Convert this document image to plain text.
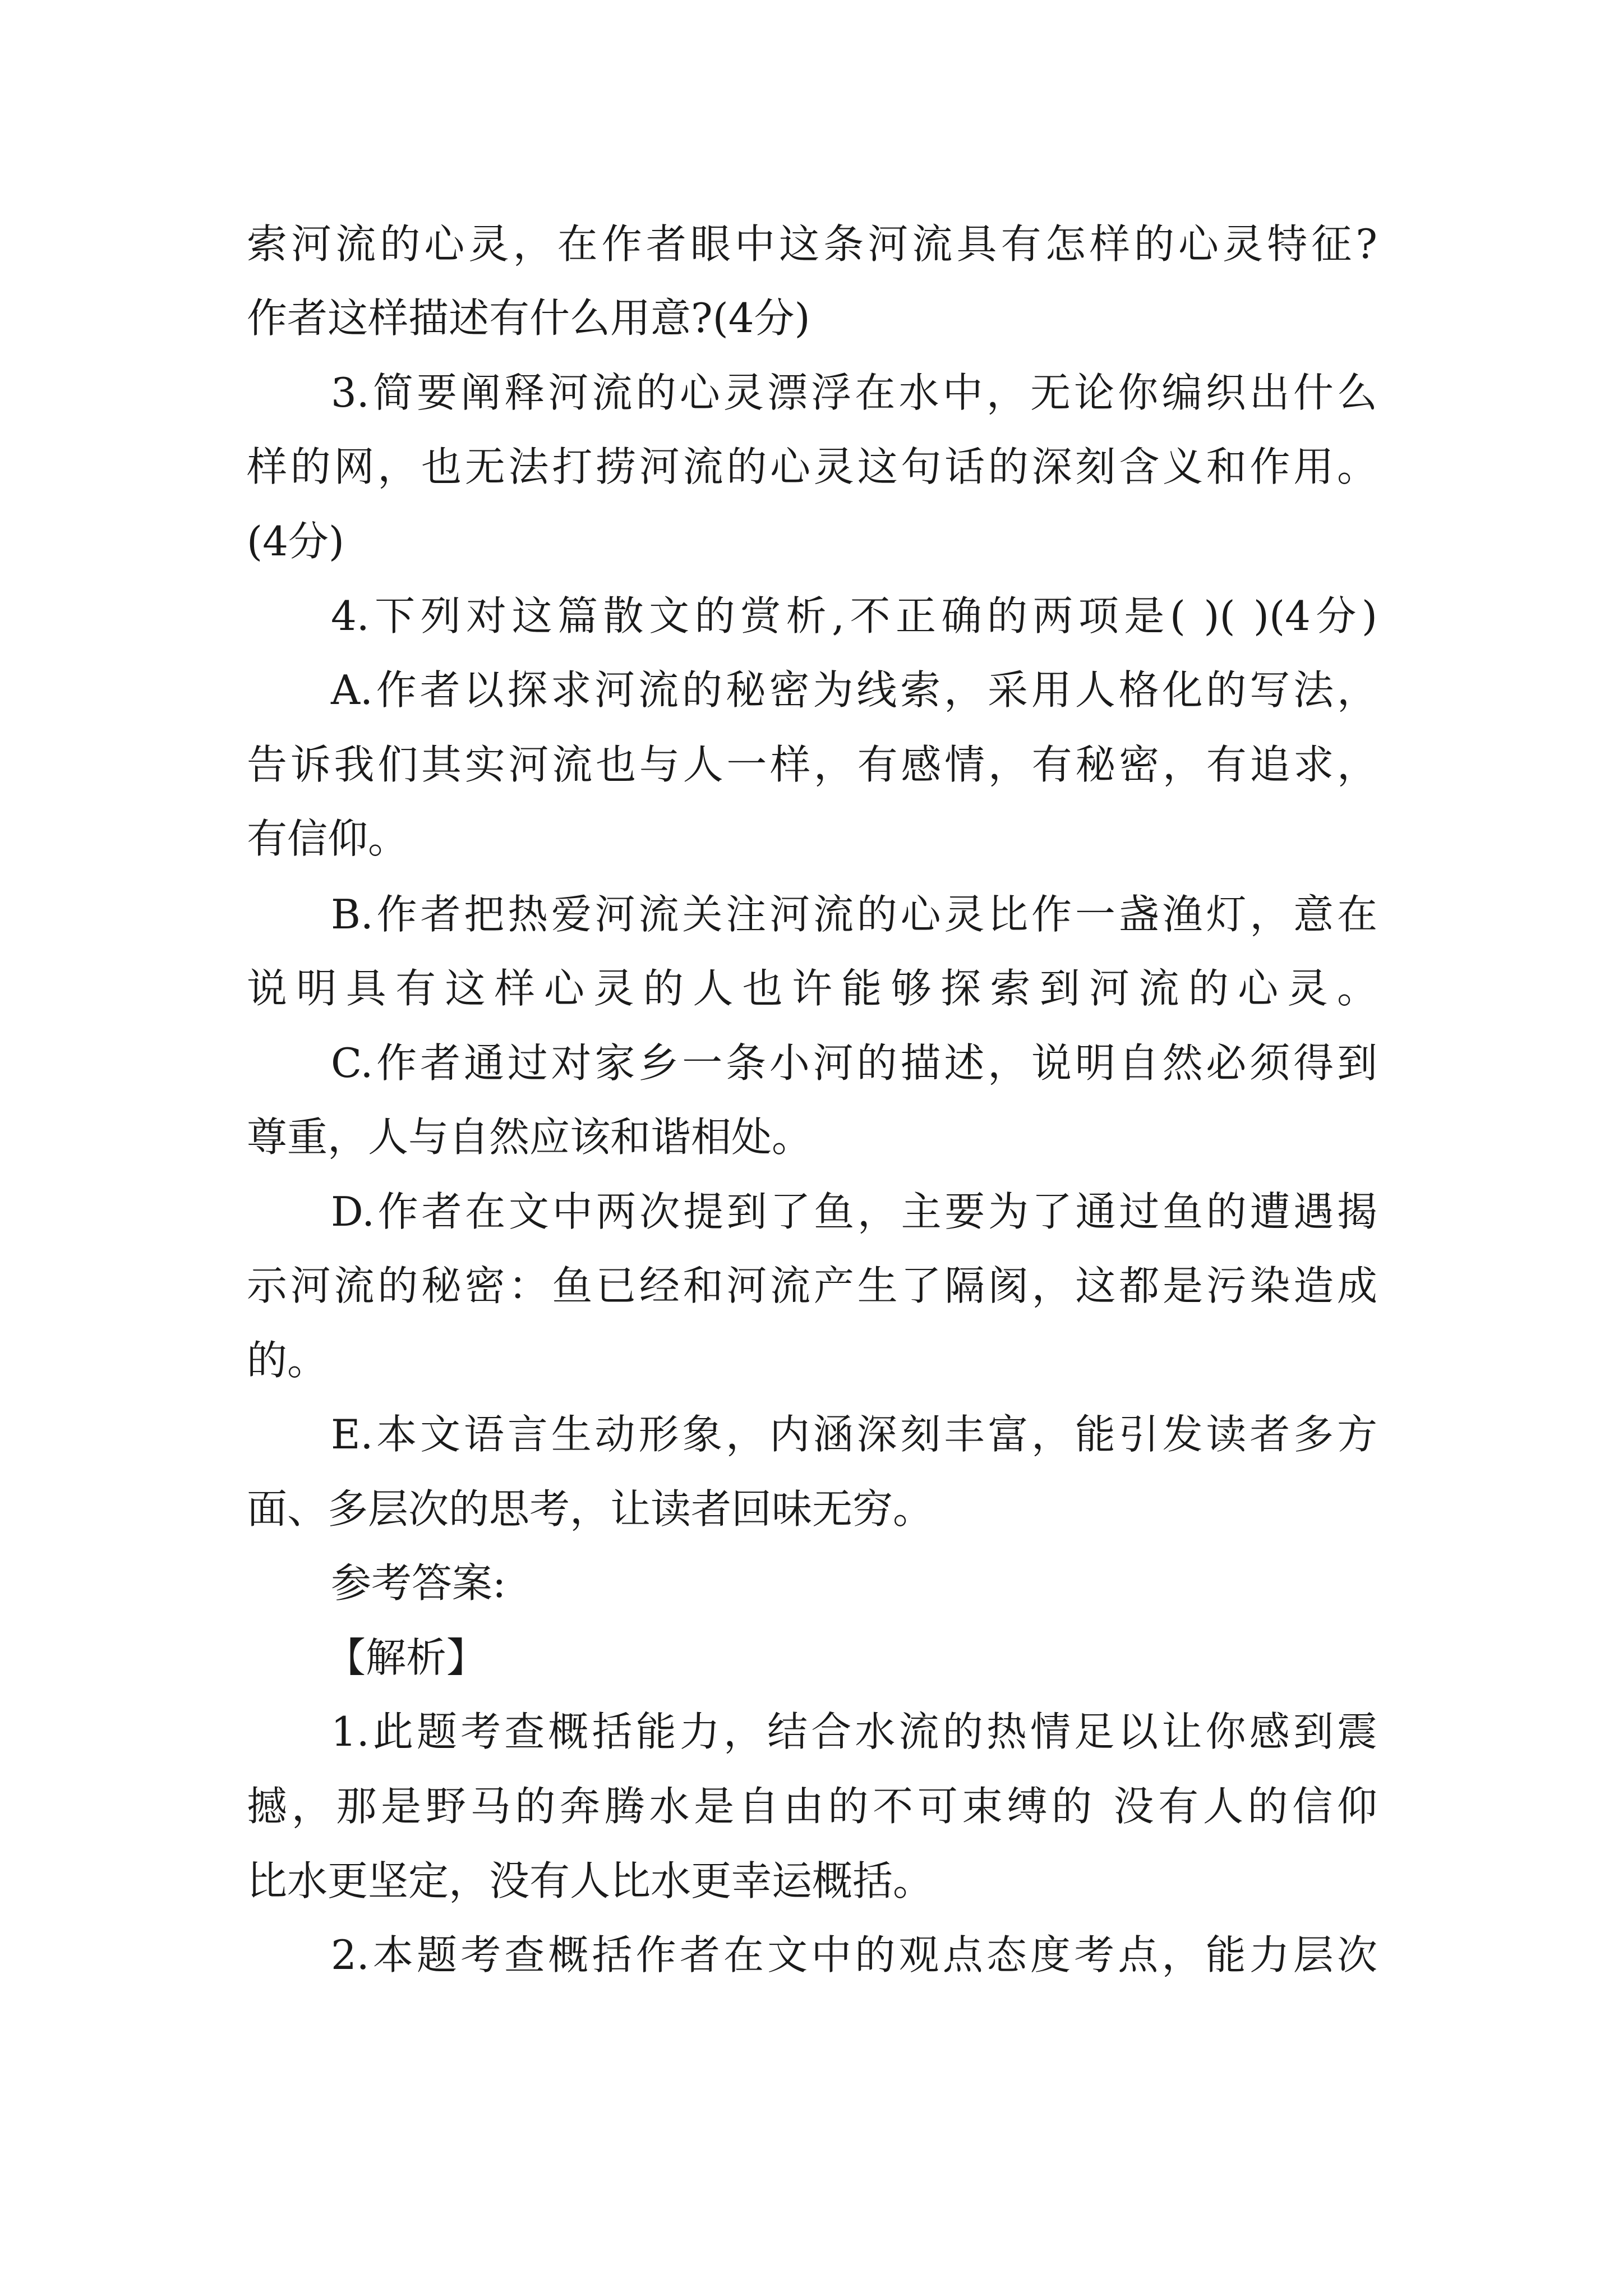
索河流的心灵，在作者眼中这条河流具有怎样的心灵特征?

作者这样描述有什么用意?(4分)

3.简要阐释河流的心灵漂浮在水中，无论你编织出什么

样的网，也无法打捞河流的心灵这句话的深刻含义和作用。

(4分)

4.下列对这篇散文的赏析,不正确的两项是( )( )(4分)

A.作者以探求河流的秘密为线索，采用人格化的写法，

告诉我们其实河流也与人一样，有感情，有秘密，有追求，

有信仰。

B.作者把热爱河流关注河流的心灵比作一盏渔灯，意在

说明具有这样心灵的人也许能够探索到河流的心灵。

C.作者通过对家乡一条小河的描述，说明自然必须得到

尊重，人与自然应该和谐相处。

D.作者在文中两次提到了鱼，主要为了通过鱼的遭遇揭

示河流的秘密：鱼已经和河流产生了隔阂，这都是污染造成

的。

E.本文语言生动形象，内涵深刻丰富，能引发读者多方

面、多层次的思考，让读者回味无穷。

参考答案:

【解析】

1.此题考查概括能力，结合水流的热情足以让你感到震

撼，那是野马的奔腾水是自由的不可束缚的 没有人的信仰

比水更坚定，没有人比水更幸运概括。

2.本题考查概括作者在文中的观点态度考点，能力层次
